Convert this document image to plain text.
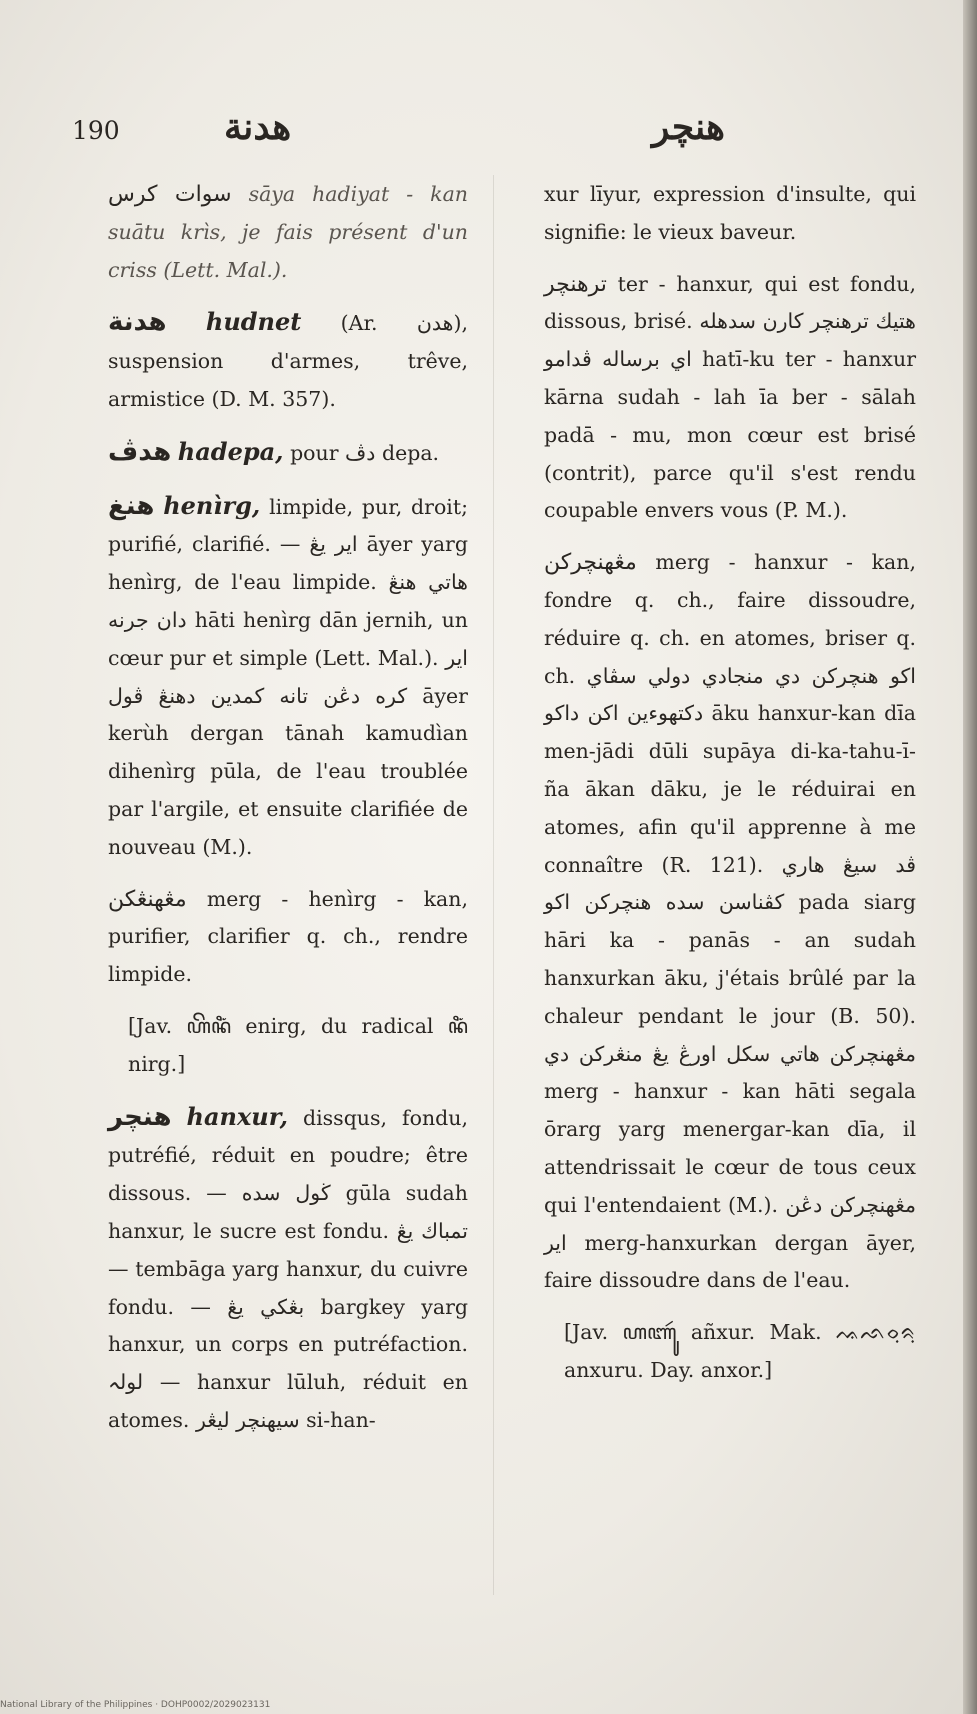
190	هدنة	هنچر
سوات كرس sāya hadiyat - kan suātu krìs, je fais présent d'un criss (Lett. Mal.).
هدنة hudnet (Ar. هدن), suspension d'armes, trêve, armistice (D. M. 357).
هدڤ hadepa, pour دڤ depa.
هنغ henìrg, limpide, pur, droit; purifié, clarifié. — اير يڠ āyer yarg henìrg, de l'eau limpide. هاتي هنڠ دان جرنه hāti henìrg dān jernih, un cœur pur et simple (Lett. Mal.). اير كره دڠن تانه كمدين دهنڠ ڤول āyer kerùh dergan tānah kamudìan dihenìrg pūla, de l'eau troublée par l'argile, et ensuite clarifiée de nouveau (M.).
مڠهنڠكن merg - henìrg - kan, purifier, clarifier q. ch., rendre limpide.
[Jav. ꦲꦼꦤꦶꦁ enirg, du radical ꦤꦶꦁ nirg.]
هنچر hanxur, dissqus, fondu, putréfié, réduit en poudre; être dissous. — ڬول سده gūla sudah hanxur, le sucre est fondu. تمباك يڠ — tembāga yarg hanxur, du cuivre fondu. — بڠكي يڠ bargkey yarg hanxur, un corps en putréfaction. لولہ — hanxur lūluh, réduit en atomes. سيهنچر ليڠر si-han-
xur līyur, expression d'insulte, qui signifie: le vieux baveur.
ترهنچر ter - hanxur, qui est fondu, dissous, brisé. هتيك ترهنچر كارن سدهله اي برساله ڤدامو hatī-ku ter - hanxur kārna sudah - lah īa ber - sālah padā - mu, mon cœur est brisé (contrit), parce qu'il s'est rendu coupable envers vous (P. M.).
مڠهنچركن merg - hanxur - kan, fondre q. ch., faire dissoudre, réduire q. ch. en atomes, briser q. ch. اكو هنچركن دي منجادي دولي سڤاي دكتهوءين اكن داكو āku hanxur-kan dīa men-jādi dūli supāya di-ka-tahu-ī-ña ākan dāku, je le réduirai en atomes, afin qu'il apprenne à me connaître (R. 121). ڤد سيڠ هاري كڤناسن سده هنچركن اكو pada siarg hāri ka - panās - an sudah hanxurkan āku, j'étais brûlé par la chaleur pendant le jour (B. 50). مڠهنچركن هاتي سكل اورڠ يڠ منڠركن دي merg - hanxur - kan hāti segala ōrarg yarg menergar-kan dīa, il attendrissait le cœur de tous ceux qui l'entendaient (M.). مڠهنچركن دڠن اير merg-hanxurkan dergan āyer, faire dissoudre dans de l'eau.
[Jav. ꦲꦚꦸꦂ añxur. Mak. ᨕᨒᨔᨘᨑᨘ anxuru. Day. anxor.]
National Library of the Philippines · DOHP0002/2029023131
